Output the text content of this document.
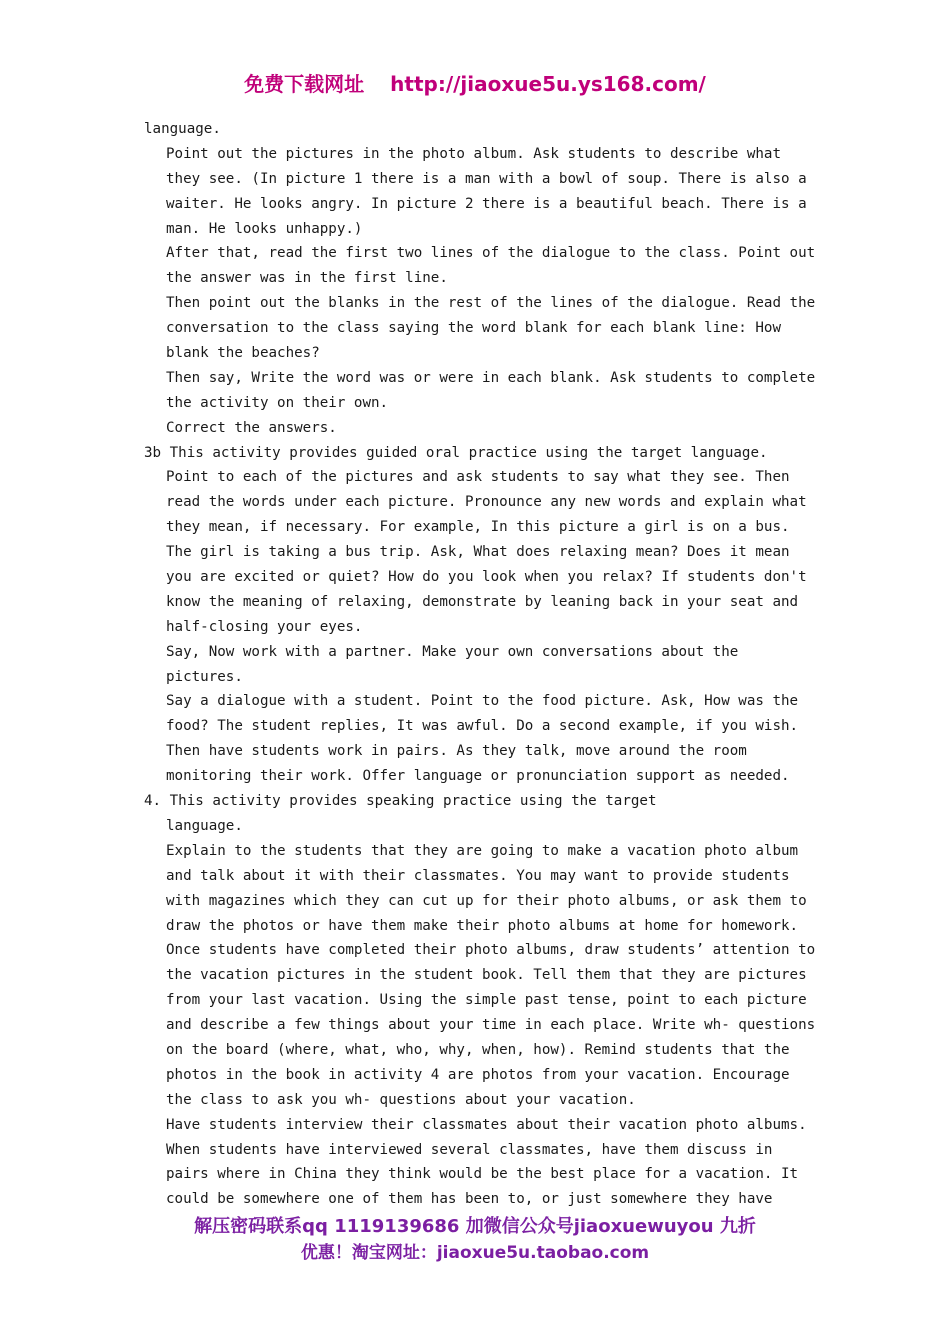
免费下载网址 http://jiaoxue5u.ys168.com/
language.
Point out the pictures in the photo album. Ask students to describe what
they see. (In picture 1 there is a man with a bowl of soup. There is also a
waiter. He looks angry. In picture 2 there is a beautiful beach. There is a
man. He looks unhappy.)
After that, read the first two lines of the dialogue to the class. Point out
the answer was in the first line.
Then point out the blanks in the rest of the lines of the dialogue. Read the
conversation to the class saying the word blank for each blank line: How
blank the beaches?
Then say, Write the word was or were in each blank. Ask students to complete
the activity on their own.
Correct the answers.
3b This activity provides guided oral practice using the target language.
Point to each of the pictures and ask students to say what they see. Then
read the words under each picture. Pronounce any new words and explain what
they mean, if necessary. For example, In this picture a girl is on a bus.
The girl is taking a bus trip. Ask, What does relaxing mean? Does it mean
you are excited or quiet? How do you look when you relax? If students don't
know the meaning of relaxing, demonstrate by leaning back in your seat and
half-closing your eyes.
Say, Now work with a partner. Make your own conversations about the
pictures.
Say a dialogue with a student. Point to the food picture. Ask, How was the
food? The student replies, It was awful. Do a second example, if you wish.
Then have students work in pairs. As they talk, move around the room
monitoring their work. Offer language or pronunciation support as needed.
4. This activity provides speaking practice using the target
language.
Explain to the students that they are going to make a vacation photo album
and talk about it with their classmates. You may want to provide students
with magazines which they can cut up for their photo albums, or ask them to
draw the photos or have them make their photo albums at home for homework.
Once students have completed their photo albums, draw students’ attention to
the vacation pictures in the student book. Tell them that they are pictures
from your last vacation. Using the simple past tense, point to each picture
and describe a few things about your time in each place. Write wh- questions
on the board (where, what, who, why, when, how). Remind students that the
photos in the book in activity 4 are photos from your vacation. Encourage
the class to ask you wh- questions about your vacation.
Have students interview their classmates about their vacation photo albums.
When students have interviewed several classmates, have them discuss in
pairs where in China they think would be the best place for a vacation. It
could be somewhere one of them has been to, or just somewhere they have
解压密码联系qq 1119139686 加微信公众号jiaoxuewuyou 九折
优惠！淘宝网址：jiaoxue5u.taobao.com
